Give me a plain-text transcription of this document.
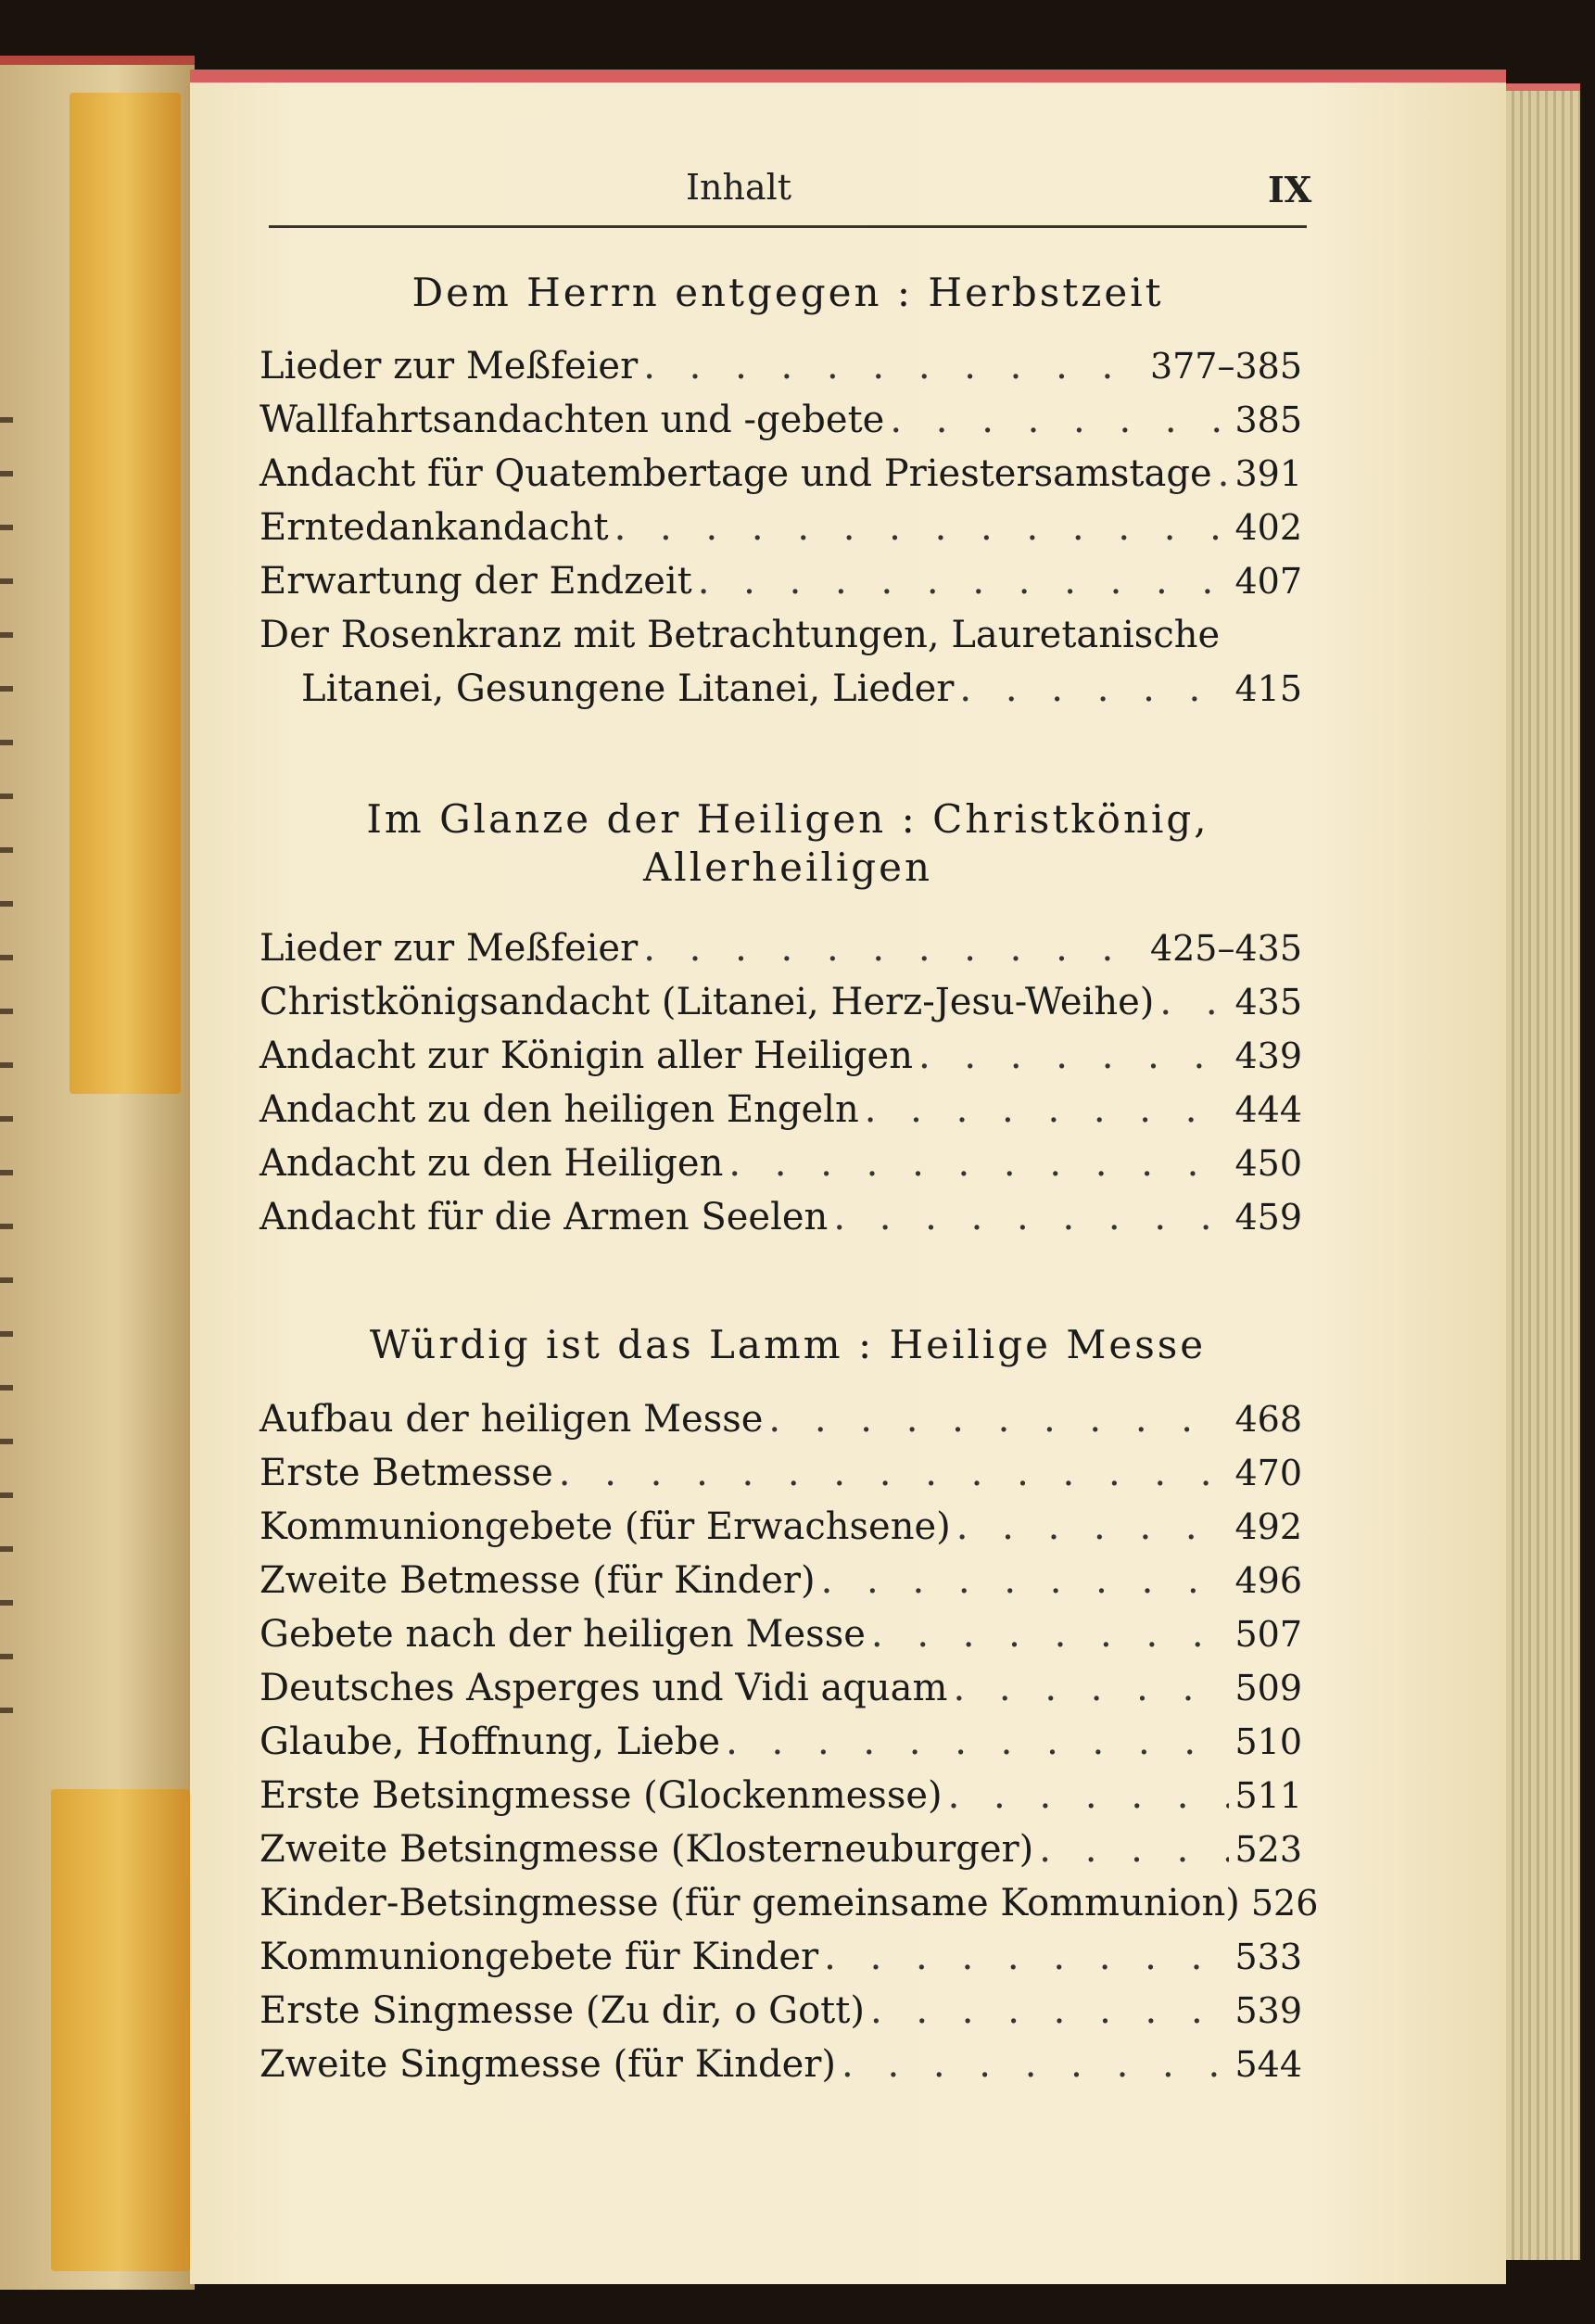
Inhalt	IX
Dem Herrn entgegen : Herbstzeit
Lieder zur Meßfeier . . .	377–385
Wallfahrtsandachten und -gebete . . .	385
Andacht für Quatembertage und Priestersamstage . . . 391
Erntedankandacht . . .	402
Erwartung der Endzeit . . .	407
Der Rosenkranz mit Betrachtungen, Lauretanische
Litanei, Gesungene Litanei, Lieder . . .	415
Im Glanze der Heiligen : Christkönig,
Allerheiligen
Lieder zur Meßfeier . . .	425–435
Christkönigsandacht (Litanei, Herz-Jesu-Weihe) . . . 435
Andacht zur Königin aller Heiligen . . .	439
Andacht zu den heiligen Engeln . . .	444
Andacht zu den Heiligen . . .	450
Andacht für die Armen Seelen . . .	459
Würdig ist das Lamm : Heilige Messe
Aufbau der heiligen Messe . . .	468
Erste Betmesse . . .	470
Kommuniongebete (für Erwachsene) . . .	492
Zweite Betmesse (für Kinder) . . .	496
Gebete nach der heiligen Messe . . .	507
Deutsches Asperges und Vidi aquam . . .	509
Glaube, Hoffnung, Liebe . . .	510
Erste Betsingmesse (Glockenmesse) . . .	511
Zweite Betsingmesse (Klosterneuburger) . . .	523
Kinder-Betsingmesse (für gemeinsame Kommunion) 526
Kommuniongebete für Kinder . . .	533
Erste Singmesse (Zu dir, o Gott) . . .	539
Zweite Singmesse (für Kinder) . . .	544
